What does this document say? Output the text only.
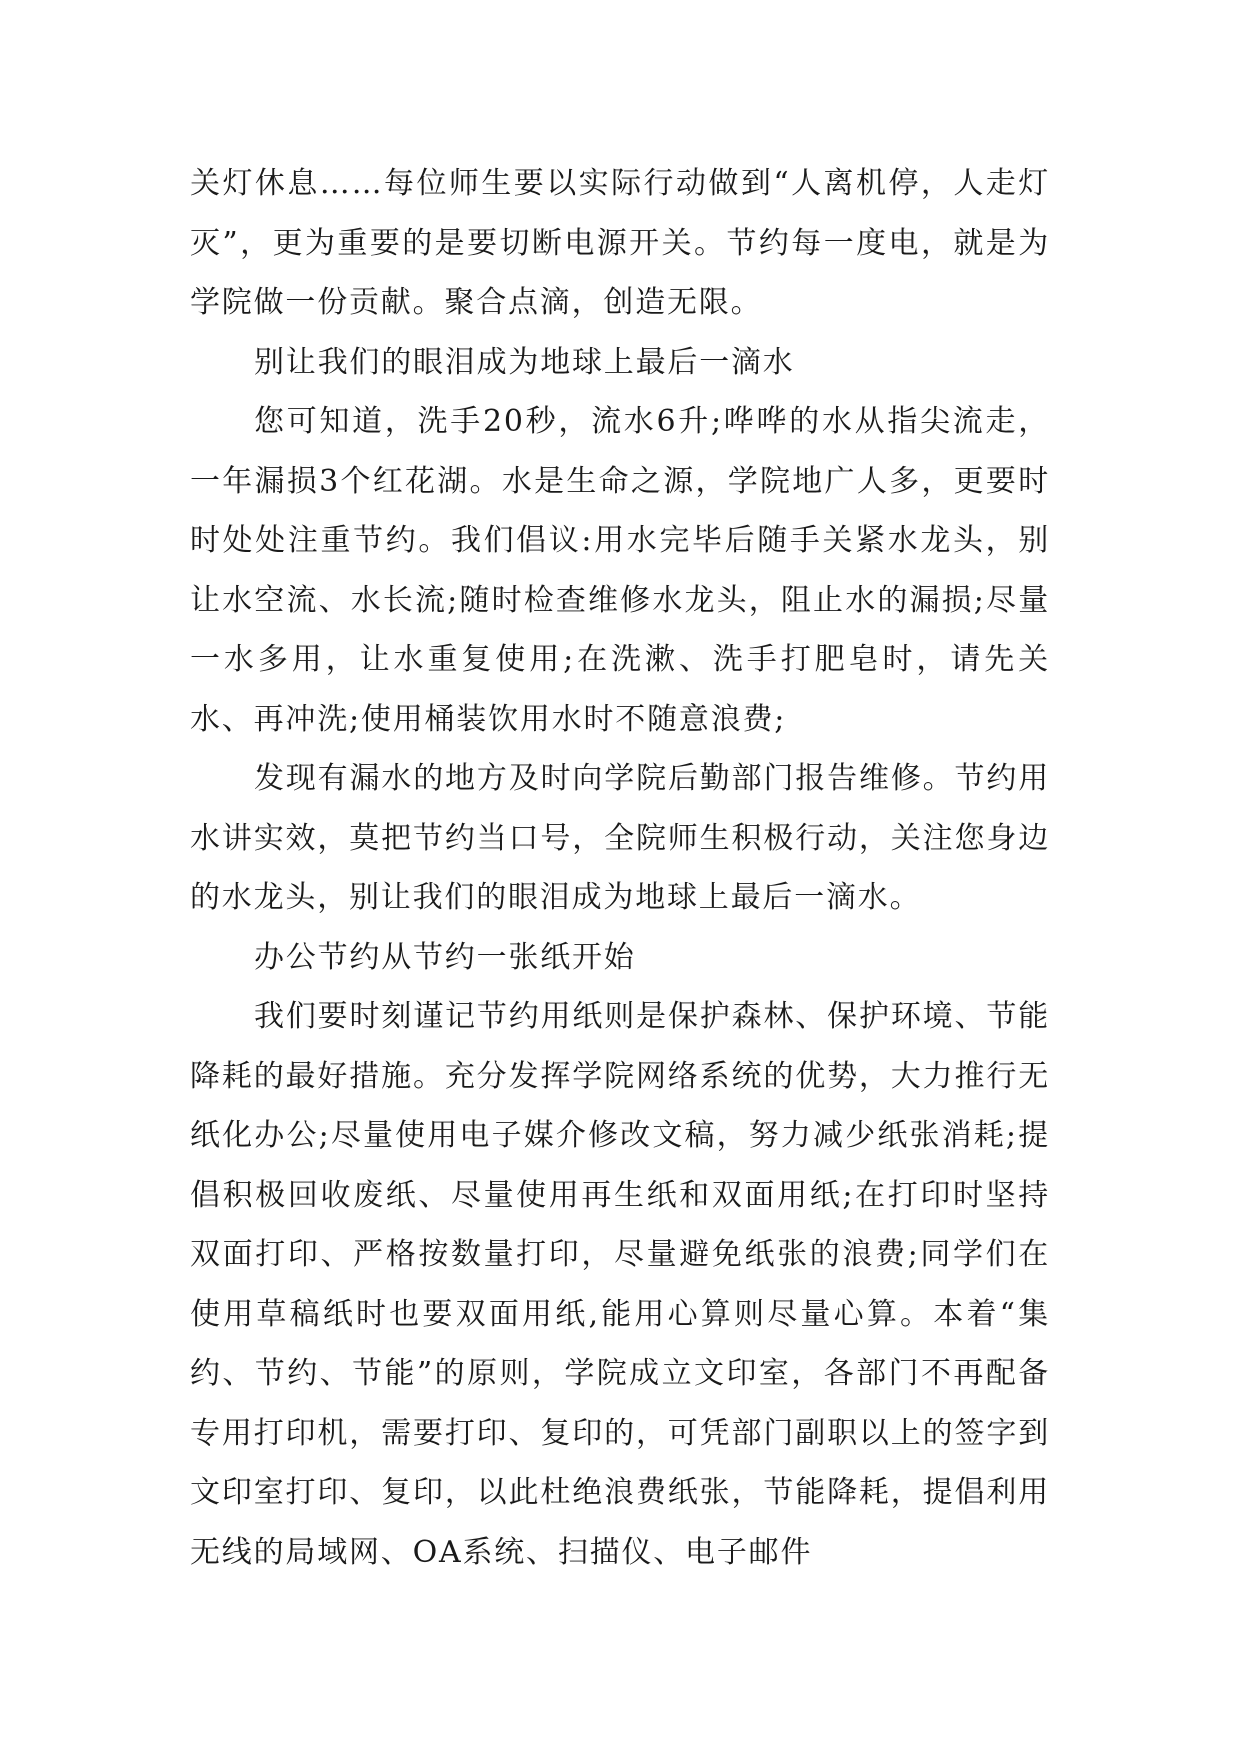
关灯休息……每位师生要以实际行动做到“人离机停，人走灯灭”，更为重要的是要切断电源开关。节约每一度电，就是为学院做一份贡献。聚合点滴，创造无限。

别让我们的眼泪成为地球上最后一滴水

您可知道，洗手20秒，流水6升;哗哗的水从指尖流走，一年漏损3个红花湖。水是生命之源，学院地广人多，更要时时处处注重节约。我们倡议:用水完毕后随手关紧水龙头，别让水空流、水长流;随时检查维修水龙头，阻止水的漏损;尽量一水多用，让水重复使用;在洗漱、洗手打肥皂时，请先关水、再冲洗;使用桶装饮用水时不随意浪费;

发现有漏水的地方及时向学院后勤部门报告维修。节约用水讲实效，莫把节约当口号，全院师生积极行动，关注您身边的水龙头，别让我们的眼泪成为地球上最后一滴水。

办公节约从节约一张纸开始

我们要时刻谨记节约用纸则是保护森林、保护环境、节能降耗的最好措施。充分发挥学院网络系统的优势，大力推行无纸化办公;尽量使用电子媒介修改文稿，努力减少纸张消耗;提倡积极回收废纸、尽量使用再生纸和双面用纸;在打印时坚持双面打印、严格按数量打印，尽量避免纸张的浪费;同学们在使用草稿纸时也要双面用纸,能用心算则尽量心算。本着“集约、节约、节能”的原则，学院成立文印室，各部门不再配备专用打印机，需要打印、复印的，可凭部门副职以上的签字到文印室打印、复印，以此杜绝浪费纸张，节能降耗，提倡利用无线的局域网、OA系统、扫描仪、电子邮件
